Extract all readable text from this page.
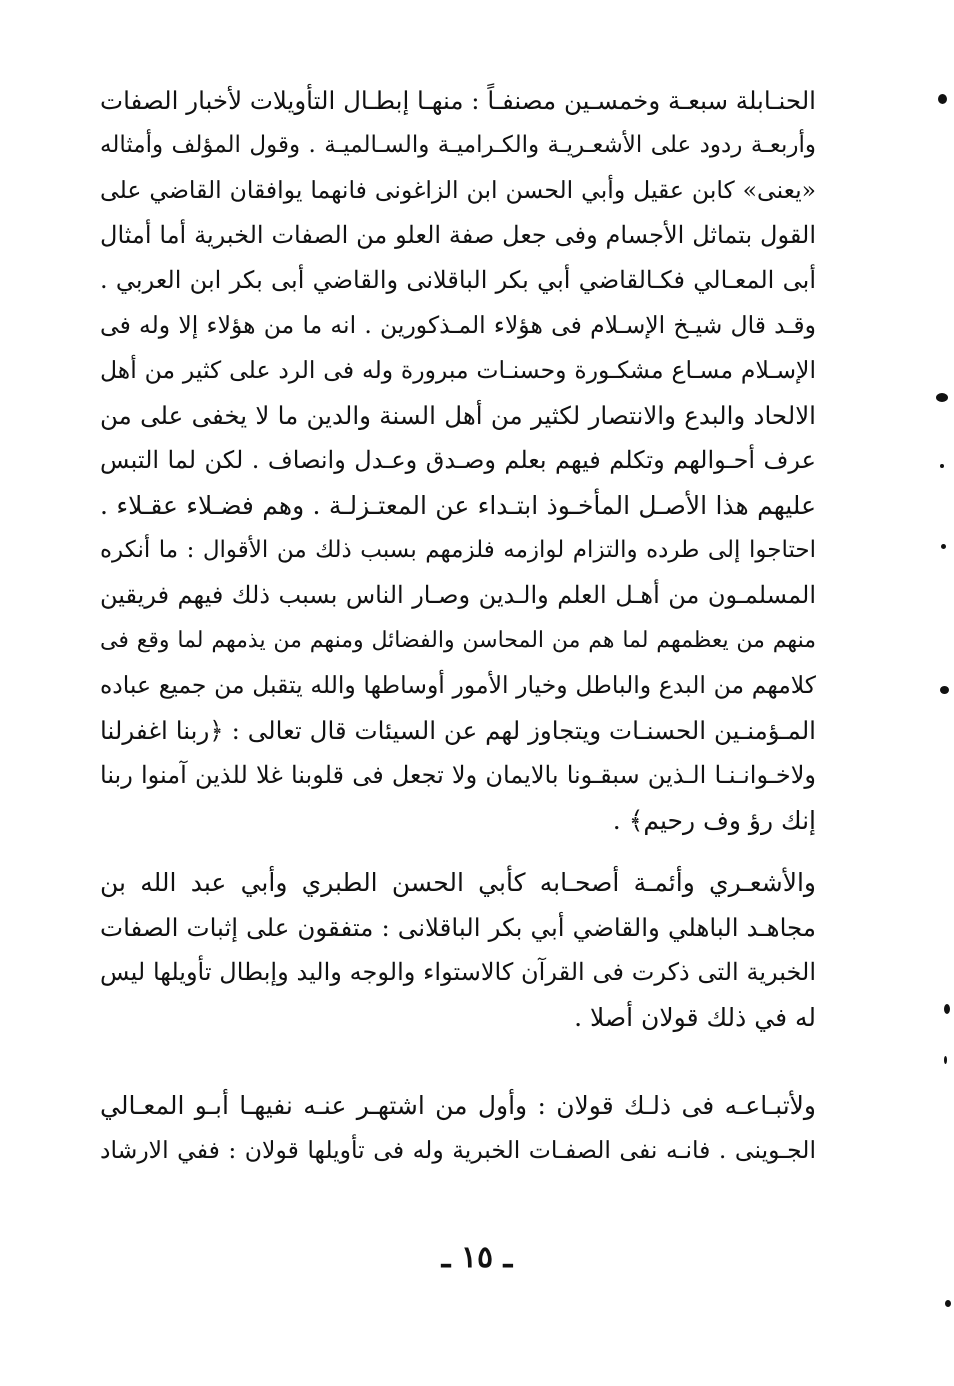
الحنـابلة سبعـة وخمسـين مصنفـاً : منهـا إبطـال التأويلات لأخبار الصفات
وأربعـة ردود على الأشعـريـة والكـراميـة والسـالميـة . وقول المؤلف وأمثاله
«يعنى» كابن عقيل وأبي الحسن ابن الزاغونى فانهما يوافقان القاضي على
القول بتماثل الأجسام وفى جعل صفة العلو من الصفات الخبرية أما أمثال
أبى المعـالي فكـالقاضي أبي بكر الباقلانى والقاضي أبى بكر ابن العربي .
وقـد قال شيـخ الإسـلام فى هؤلاء المـذكورين . انه ما من هؤلاء إلا وله فى
الإسـلام مسـاع مشكـورة وحسنـات مبرورة وله فى الرد على كثير من أهل
الالحاد والبدع والانتصار لكثير من أهل السنة والدين ما لا يخفى على من
عرف أحـوالهم وتكلم فيهم بعلم وصـدق وعـدل وانصاف . لكن لما التبس
عليهم هذا الأصـل المأخـوذ ابتـداء عن المعتـزلـة . وهم فضـلاء عقـلاء .
احتاجوا إلى طرده والتزام لوازمه فلزمهم بسبب ذلك من الأقوال : ما أنكره
المسلمـون من أهـل العلم والـدين وصـار الناس بسبب ذلك فيهم فريقين
منهم من يعظمهم لما هم من المحاسن والفضائل ومنهم من يذمهم لما وقع فى
كلامهم من البدع والباطل وخيار الأمور أوساطها والله يتقبل من جميع عباده
المـؤمنـين الحسنـات ويتجاوز لهم عن السيئات قال تعالى : ﴿ربنا اغفرلنا
ولاخـوانـنـا الـذين سبقـونا بالايمان ولا تجعل فى قلوبنا غلا للذين آمنوا ربنا
إنك رؤ وف رحيم﴾ .
والأشعـري وأئمـة أصحـابه كأبي الحسن الطبري وأبي عبد الله بن
مجاهـد الباهلي والقاضي أبي بكر الباقلانى : متفقون على إثبات الصفات
الخبرية التى ذكرت فى القرآن كالاستواء والوجه واليد وإبطال تأويلها ليس
له في ذلك قولان أصلا .
ولأتبـاعـه فى ذلـك قولان : وأول من اشتهـر عنـه نفيهـا أبـو المعـالي
الجـوينى . فانـه نفى الصفـات الخبرية وله فى تأويلها قولان : ففي الارشاد
ـ ١٥ ـ
